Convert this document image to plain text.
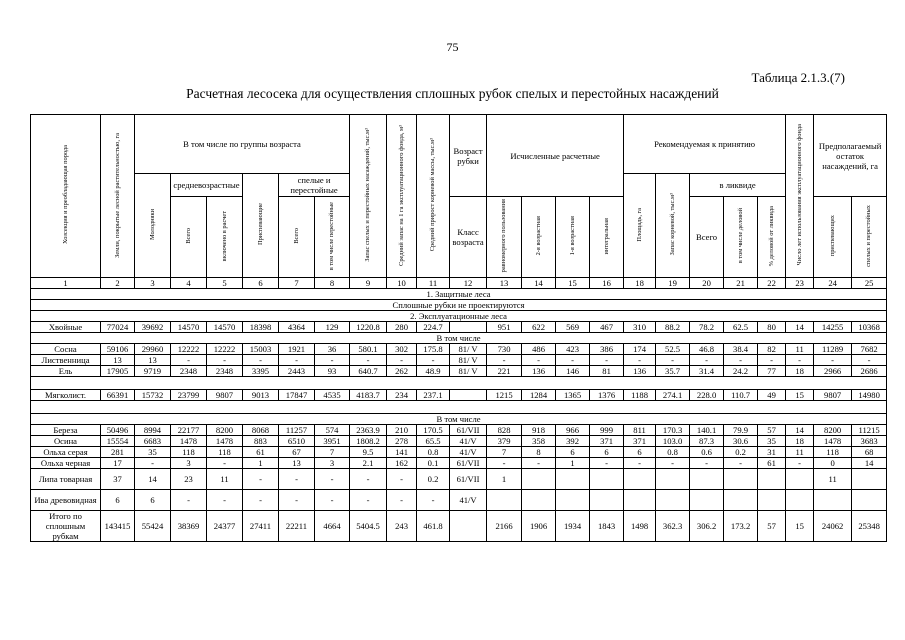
75
Таблица 2.1.3.(7)
Расчетная лесосека для осуществления сплошных рубок спелых и перестойных насаждений
Хозсекция и преобладающая порода	Земли, покрытые лесной растительностью, га	В том числе по группы возраста						Запас спелых и перестойных насаждений, тыс.м³	Средний запас на 1 га эксплуатационного фонда, м³	Средний прирост корневой массы, тыс.м³	Возраст рубки	Исчисленные расчетные				Рекомендуемая к принятию					Число лет использования эксплуатационного фонда	Предполагаемый остаток насаждений, га	
		Молодняки	средневозрастные		Приспевающие	спелые и перестойные										Площадь, га	Запас корневой, тыс.м³	в ликвиде					
																		Всего	в том числе деловой	% деловой от ликвида			
			Всего	включено в расчет		Всего	в том числе перестойные				Класс возраста	равномерного пользования	2-я возрастная	1-я возрастная	интегральная							приспевающих	спелых и перестойных
1	2	3	4	5	6	7	8	9	10	11	12	13	14	15	16	18	19	20	21	22	23	24	25
1. Защитные леса																							
Сплошные рубки не проектируются																							
2. Эксплуатационные леса																							
Хвойные	77024	39692	14570	14570	18398	4364	129	1220.8	280	224.7		951	622	569	467	310	88.2	78.2	62.5	80	14	14255	10368
В том числе																							
Сосна	59106	29960	12222	12222	15003	1921	36	580.1	302	175.8	81/ V	730	486	423	386	174	52.5	46.8	38.4	82	11	11289	7682
Лиственница	13	13	-	-	-	-	-	-	-	-	81/ V	-	-	-	-	-	-	-	-	-	-	-	-
Ель	17905	9719	2348	2348	3395	2443	93	640.7	262	48.9	81/ V	221	136	146	81	136	35.7	31.4	24.2	77	18	2966	2686

Мягколист.	66391	15732	23799	9807	9013	17847	4535	4183.7	234	237.1		1215	1284	1365	1376	1188	274.1	228.0	110.7	49	15	9807	14980

В том числе																							
Береза	50496	8994	22177	8200	8068	11257	574	2363.9	210	170.5	61/VII	828	918	966	999	811	170.3	140.1	79.9	57	14	8200	11215
Осина	15554	6683	1478	1478	883	6510	3951	1808.2	278	65.5	41/V	379	358	392	371	371	103.0	87.3	30.6	35	18	1478	3683
Ольха серая	281	35	118	118	61	67	7	9.5	141	0.8	41/V	7	8	6	6	6	0.8	0.6	0.2	31	11	118	68
Ольха черная	17	-	3	-	1	13	3	2.1	162	0.1	61/VII	-	-	1	-	-	-	-	-	61	-	0	14
Липа товарная	37	14	23	11	-	-	-	-	-	0.2	61/VII	1										11	
Ива древовидная	6	6	-	-	-	-	-	-	-	-	41/V												
Итого по сплошным рубкам	143415	55424	38369	24377	27411	22211	4664	5404.5	243	461.8		2166	1906	1934	1843	1498	362.3	306.2	173.2	57	15	24062	25348
